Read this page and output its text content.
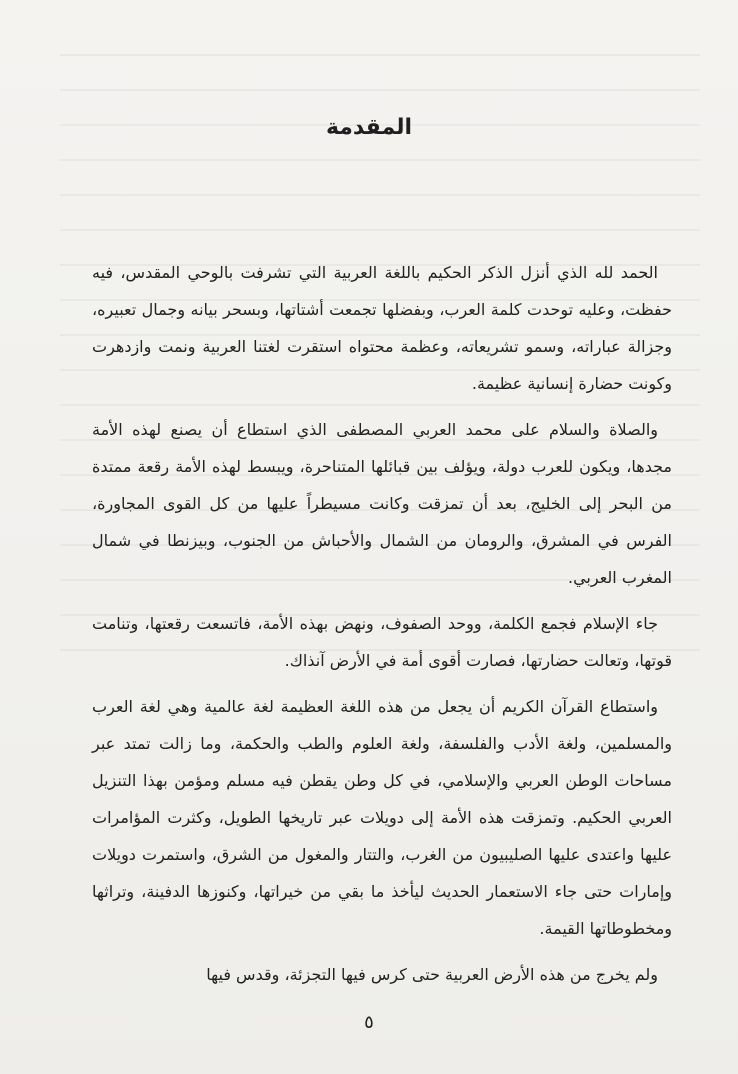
المقدمة

الحمد لله الذي أنزل الذكر الحكيم باللغة العربية التي تشرفت بالوحي المقدس، فيه حفظت، وعليه توحدت كلمة العرب، وبفضلها تجمعت أشتاتها، وبسحر بيانه وجمال تعبيره، وجزالة عباراته، وسمو تشريعاته، وعظمة محتواه استقرت لغتنا العربية ونمت وازدهرت وكونت حضارة إنسانية عظيمة.

والصلاة والسلام على محمد العربي المصطفى الذي استطاع أن يصنع لهذه الأمة مجدها، ويكون للعرب دولة، ويؤلف بين قبائلها المتناحرة، ويبسط لهذه الأمة رقعة ممتدة من البحر إلى الخليج، بعد أن تمزقت وكانت مسيطراً عليها من كل القوى المجاورة، الفرس في المشرق، والرومان من الشمال والأحباش من الجنوب، وبيزنطا في شمال المغرب العربي.

جاء الإسلام فجمع الكلمة، ووحد الصفوف، ونهض بهذه الأمة، فاتسعت رقعتها، وتنامت قوتها، وتعالت حضارتها، فصارت أقوى أمة في الأرض آنذاك.

واستطاع القرآن الكريم أن يجعل من هذه اللغة العظيمة لغة عالمية وهي لغة العرب والمسلمين، ولغة الأدب والفلسفة، ولغة العلوم والطب والحكمة، وما زالت تمتد عبر مساحات الوطن العربي والإسلامي، في كل وطن يقطن فيه مسلم ومؤمن بهذا التنزيل العربي الحكيم. وتمزقت هذه الأمة إلى دويلات عبر تاريخها الطويل، وكثرت المؤامرات عليها واعتدى عليها الصليبيون من الغرب، والتتار والمغول من الشرق، واستمرت دويلات وإمارات حتى جاء الاستعمار الحديث ليأخذ ما بقي من خيراتها، وكنوزها الدفينة، وتراثها ومخطوطاتها القيمة.

ولم يخرج من هذه الأرض العربية حتى كرس فيها التجزئة، وقدس فيها

٥
